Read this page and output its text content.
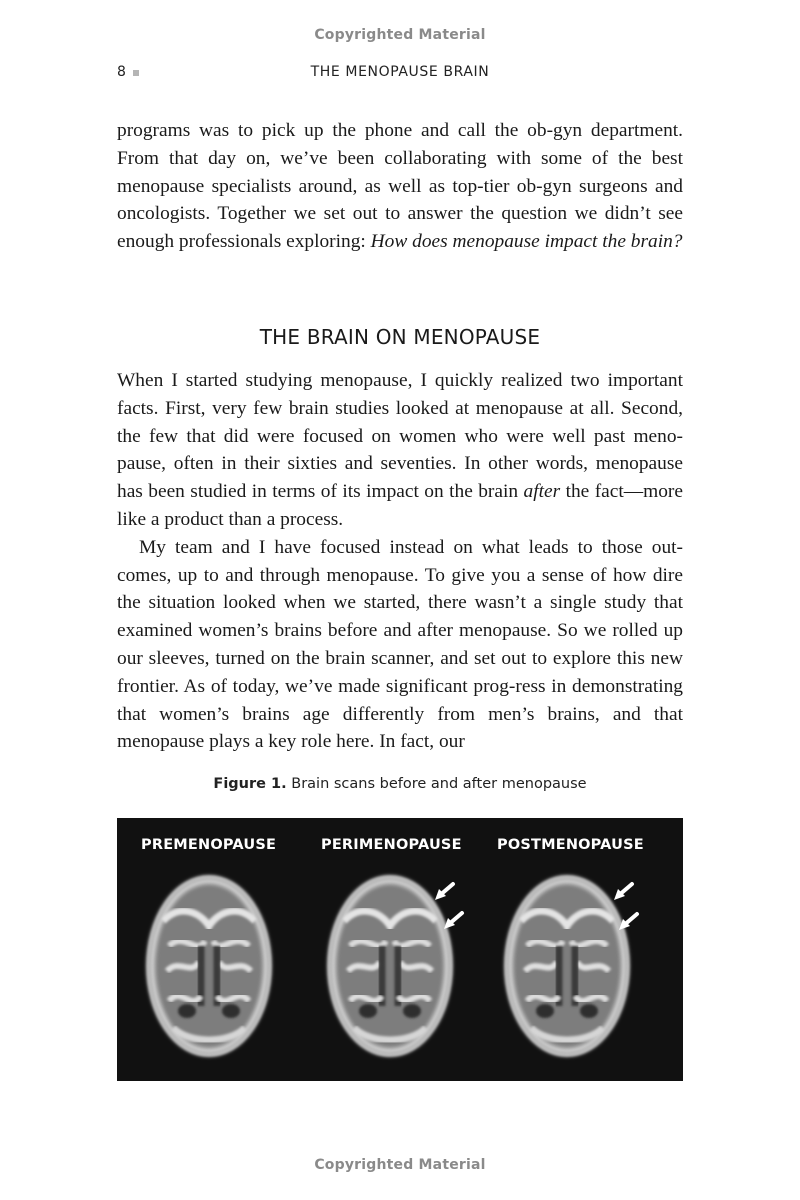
Copyrighted Material
8	THE MENOPAUSE BRAIN

programs was to pick up the phone and call the ob-gyn department. From that day on, we’ve been collaborating with some of the best menopause specialists around, as well as top-tier ob-gyn surgeons and oncologists. Together we set out to answer the question we didn’t see enough professionals exploring: How does menopause impact the brain?

THE BRAIN ON MENOPAUSE

When I started studying menopause, I quickly realized two important facts. First, very few brain studies looked at menopause at all. Second, the few that did were focused on women who were well past meno-pause, often in their sixties and seventies. In other words, menopause has been studied in terms of its impact on the brain after the fact—more like a product than a process.

My team and I have focused instead on what leads to those out-comes, up to and through menopause. To give you a sense of how dire the situation looked when we started, there wasn’t a single study that examined women’s brains before and after menopause. So we rolled up our sleeves, turned on the brain scanner, and set out to explore this new frontier. As of today, we’ve made significant prog-ress in demonstrating that women’s brains age differently from men’s brains, and that menopause plays a key role here. In fact, our

Figure 1. Brain scans before and after menopause
PREMENOPAUSE	PERIMENOPAUSE POSTMENOPAUSE
Copyrighted Material
